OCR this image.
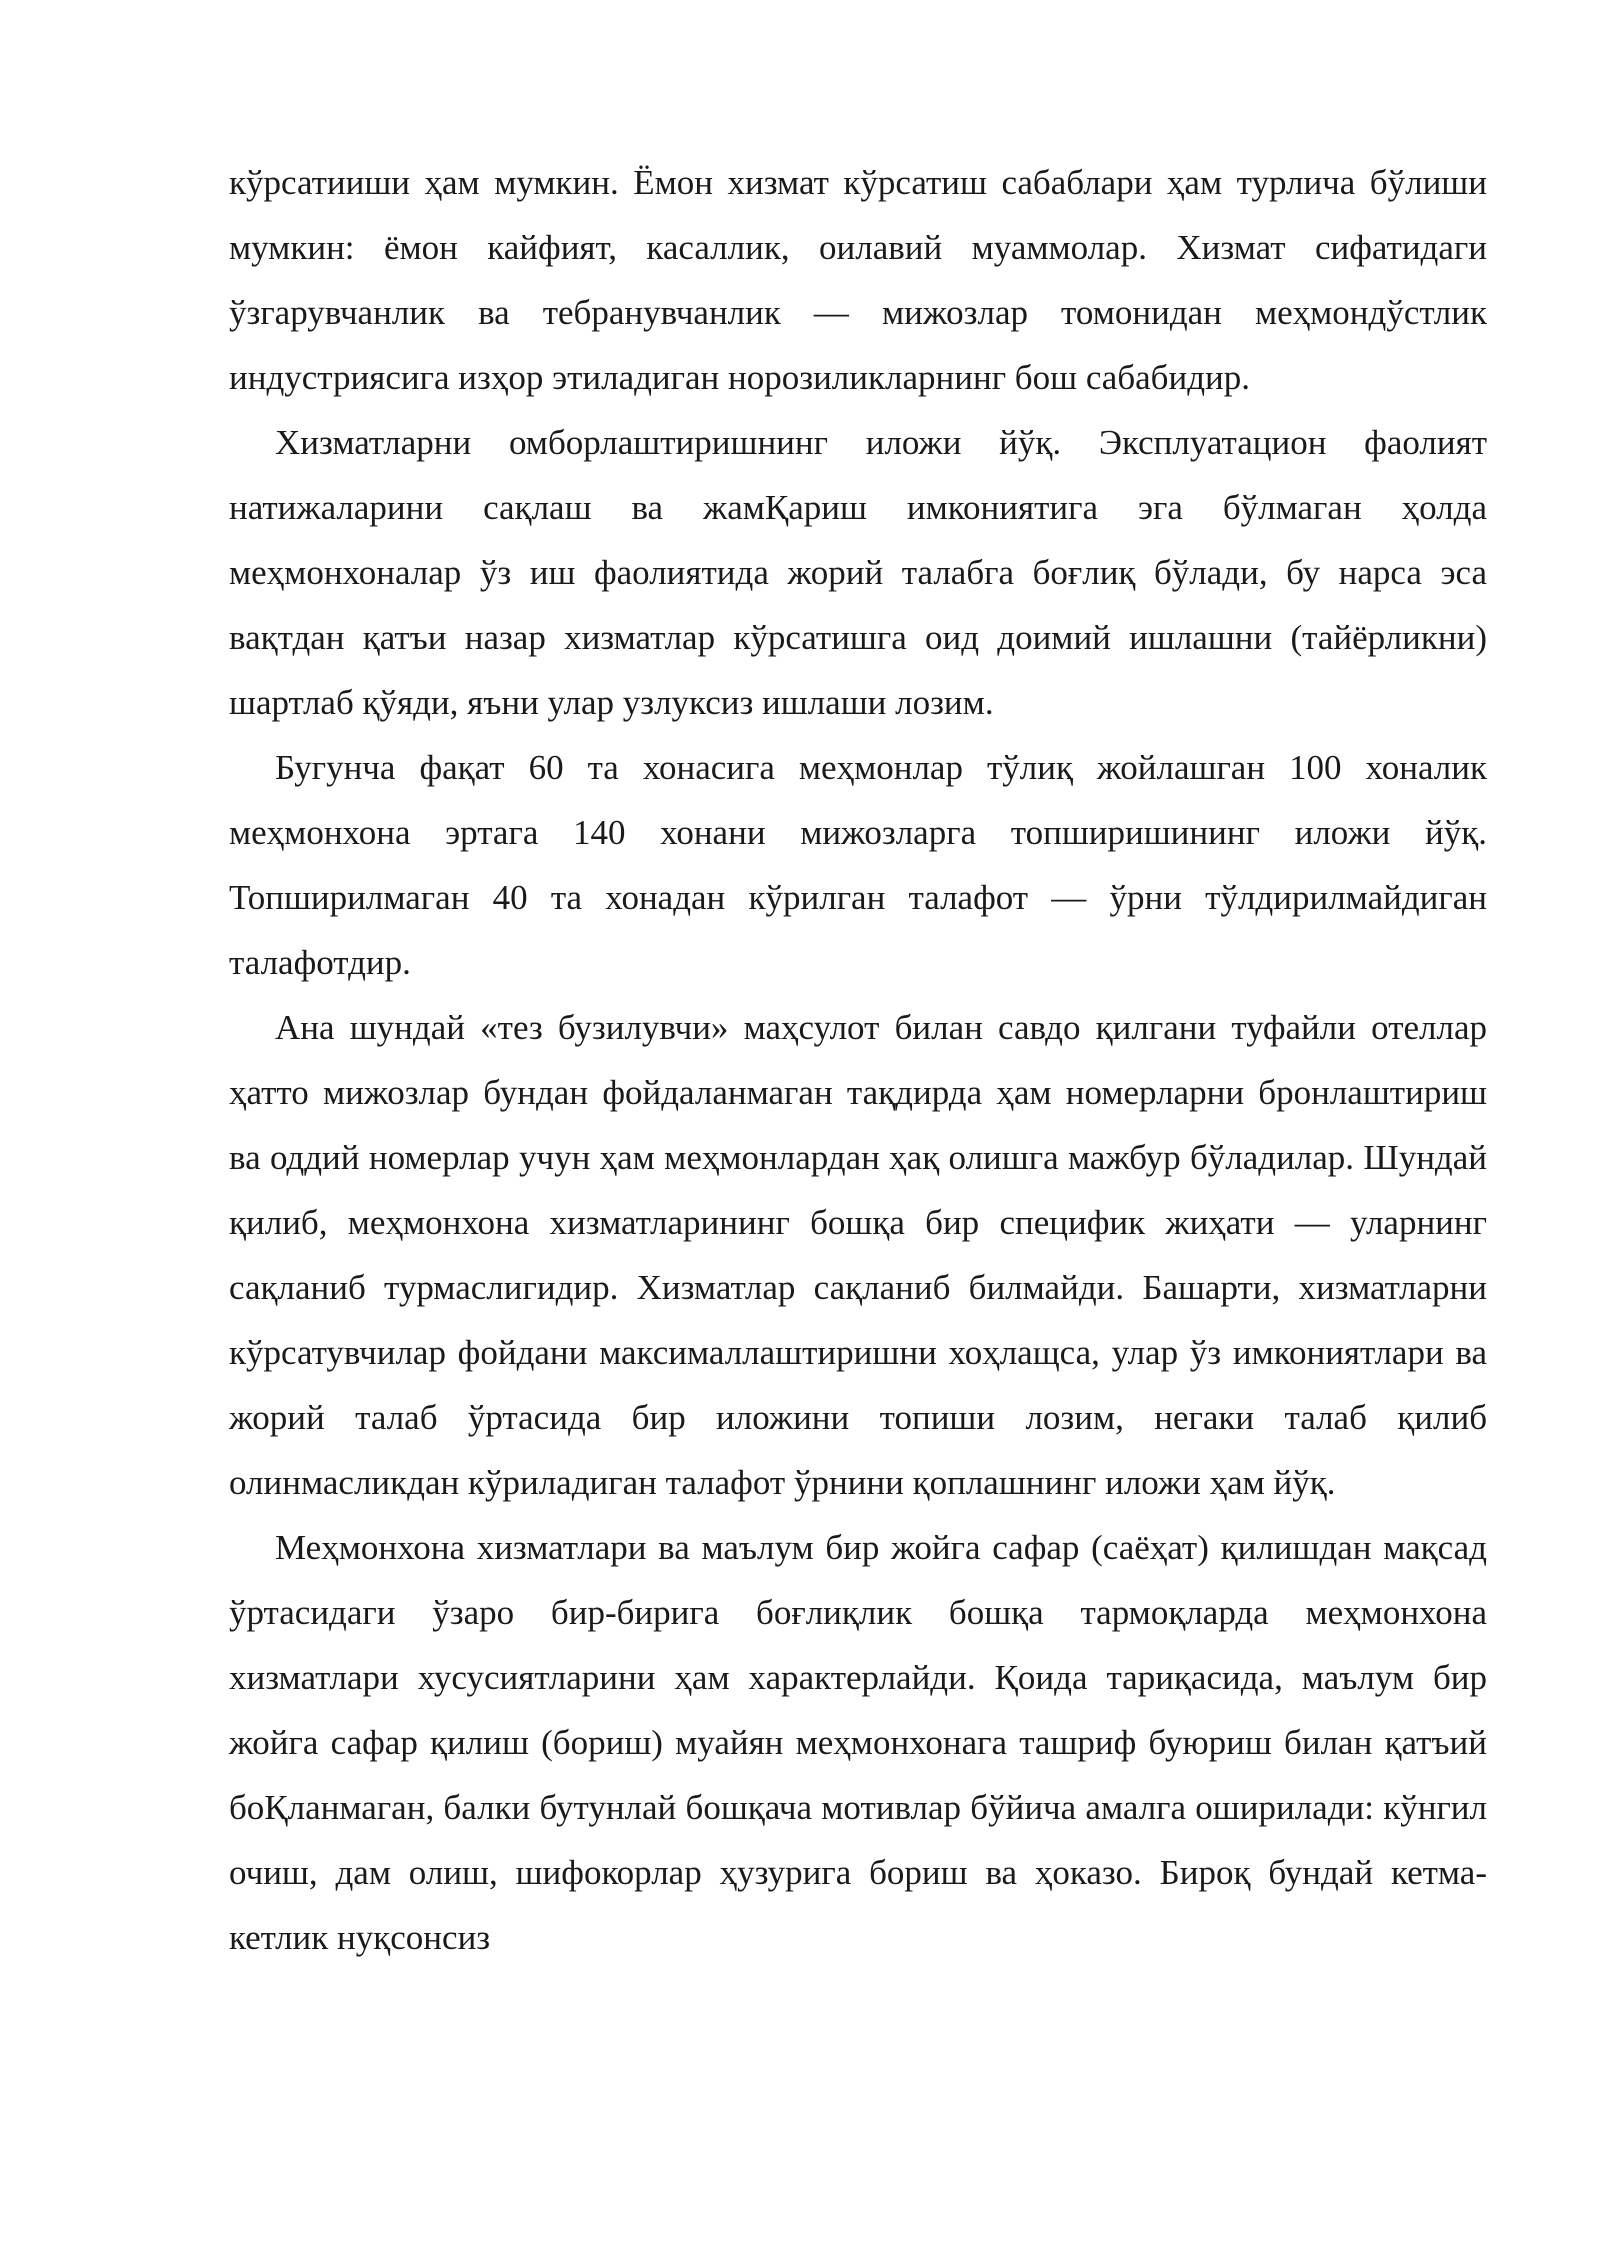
кўрсатииши ҳам мумкин. Ёмон хизмат кўрсатиш сабаблари ҳам турлича бўлиши мумкин: ёмон кайфият, касаллик, оилавий муаммолар. Хизмат сифатидаги ўзгарувчанлик ва тебранувчанлик — мижозлар томонидан меҳмондўстлик индустриясига изҳор этиладиган норозиликларнинг бош сабабидир.

Хизматларни омборлаштиришнинг иложи йўқ. Эксплуатацион фаолият натижаларини сақлаш ва жамҚариш имкониятига эга бўлмаган ҳолда меҳмонхоналар ўз иш фаолиятида жорий талабга боғлиқ бўлади, бу нарса эса вақтдан қатъи назар хизматлар кўрсатишга оид доимий ишлашни (тайёрликни) шартлаб қўяди, яъни улар узлуксиз ишлаши лозим.

Бугунча фақат 60 та хонасига меҳмонлар тўлиқ жойлашган 100 хоналик меҳмонхона эртага 140 хонани мижозларга топширишининг иложи йўқ. Топширилмаган 40 та хонадан кўрилган талафот — ўрни тўлдирилмайдиган талафотдир.

Ана шундай «тез бузилувчи» маҳсулот билан савдо қилгани туфайли отеллар ҳатто мижозлар бундан фойдаланмаган тақдирда ҳам номерларни бронлаштириш ва оддий номерлар учун ҳам меҳмонлардан ҳақ олишга мажбур бўладилар. Шундай қилиб, меҳмонхона хизматларининг бошқа бир специфик жиҳати — уларнинг сақланиб турмаслигидир. Хизматлар сақланиб билмайди. Башарти, хизматларни кўрсатувчилар фойдани максималлаштиришни хоҳлащса, улар ўз имкониятлари ва жорий талаб ўртасида бир иложини топиши лозим, негаки талаб қилиб олинмасликдан кўриладиган талафот ўрнини қоплашнинг иложи ҳам йўқ.

Меҳмонхона хизматлари ва маълум бир жойга сафар (саёҳат) қилишдан мақсад ўртасидаги ўзаро бир-бирига боғлиқлик бошқа тармоқларда меҳмонхона хизматлари хусусиятларини ҳам характерлайди. Қоида тариқасида, маълум бир жойга сафар қилиш (бориш) муайян меҳмонхонага ташриф буюриш билан қатъий боҚланмаган, балки бутунлай бошқача мотивлар бўйича амалга оширилади: кўнгил очиш, дам олиш, шифокорлар ҳузурига бориш ва ҳоказо. Бироқ бундай кетма-кетлик нуқсонсиз
